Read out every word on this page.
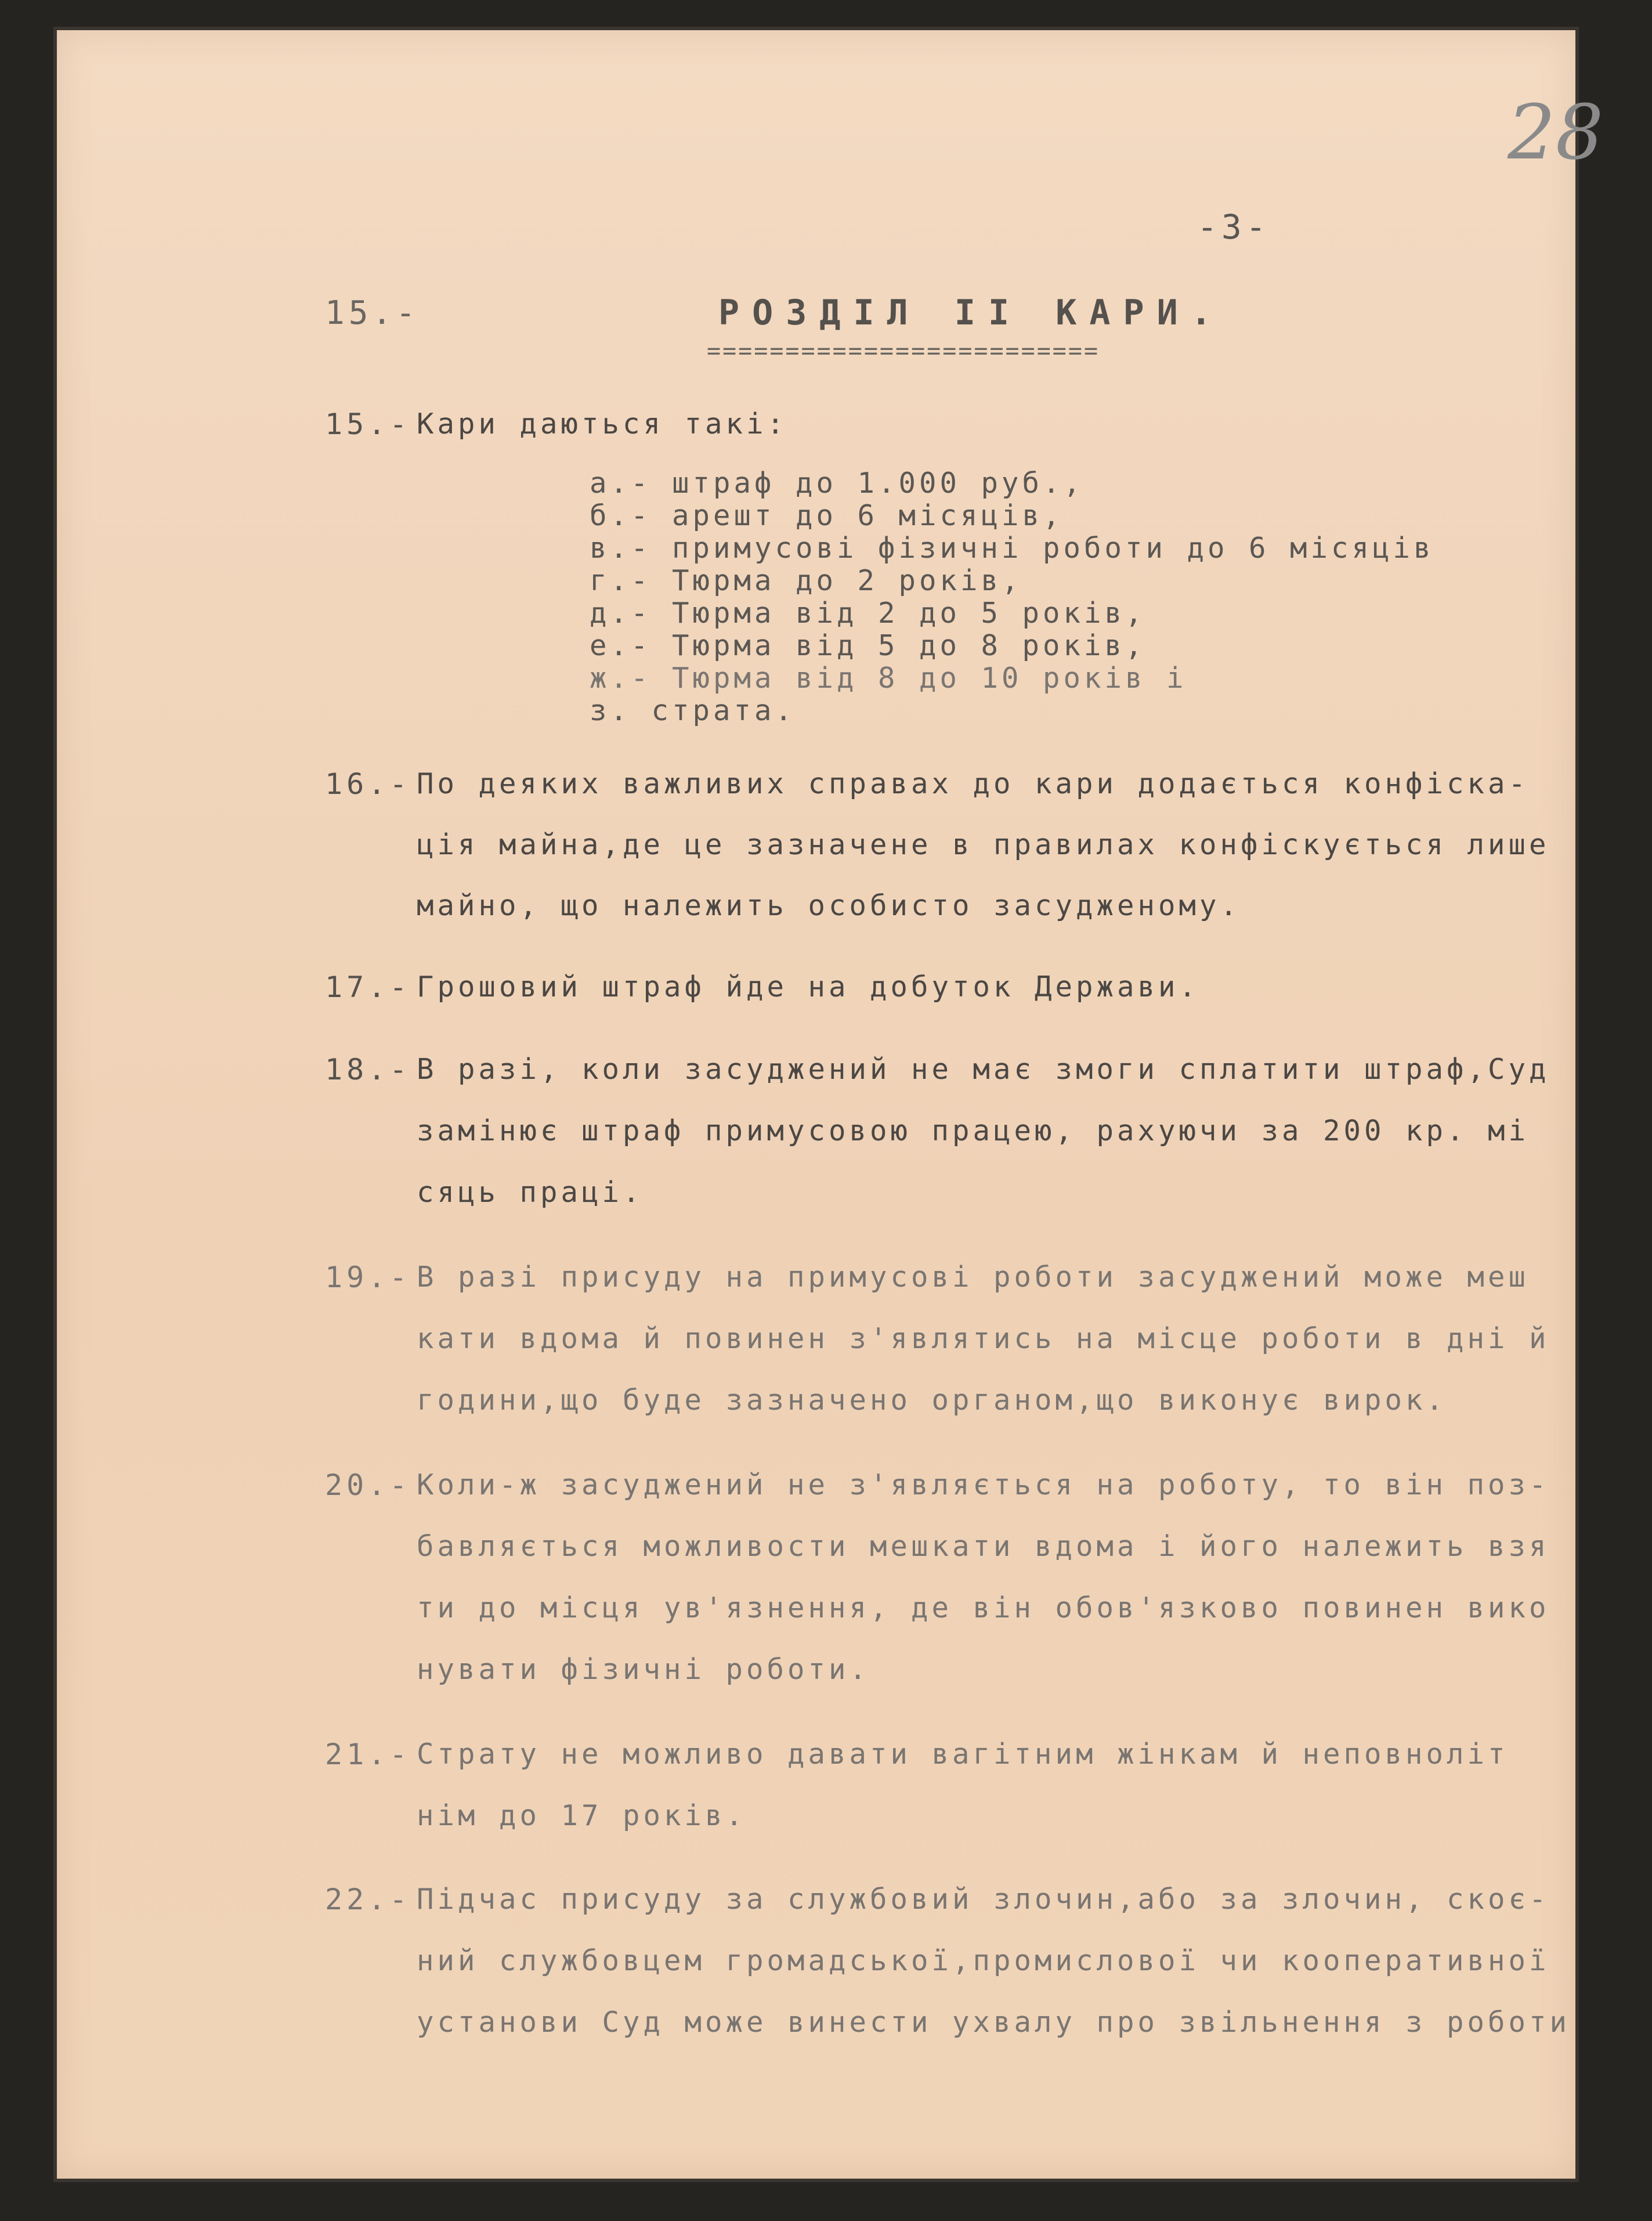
28
-3-
15.-	РОЗДІЛ II КАРИ.
=========================
15.- Кари даються такі:
а.- штраф до 1.000 руб.,
б.- арешт до 6 місяців,
в.- примусові фізичні роботи до 6 місяців
г.- Тюрма до 2 років,
д.- Тюрма від 2 до 5 років,
е.- Тюрма від 5 до 8 років,
ж.- Тюрма від 8 до 10 років і
з. страта.
16.- По деяких важливих справах до кари додається конфіска-
ція майна,де це зазначене в правилах конфіскується лише
майно, що належить особисто засудженому.
17.- Грошовий штраф йде на добуток Держави.
18.- В разі, коли засуджений не має змоги сплатити штраф,Суд
замінює штраф примусовою працею, рахуючи за 200 кр. мі
сяць праці.
19.- В разі присуду на примусові роботи засуджений може меш
кати вдома й повинен з'являтись на місце роботи в дні й
години,що буде зазначено органом,що виконує вирок.
20.- Коли-ж засуджений не з'являється на роботу, то він поз-
бавляється можливости мешкати вдома і його належить взя
ти до місця ув'язнення, де він обов'язково повинен вико
нувати фізичні роботи.
21.- Страту не можливо давати вагітним жінкам й неповноліт
нім до 17 років.
22.- Підчас присуду за службовий злочин,або за злочин, скоє-
ний службовцем громадської,промислової чи кооперативної
установи Суд може винести ухвалу про звільнення з роботи
